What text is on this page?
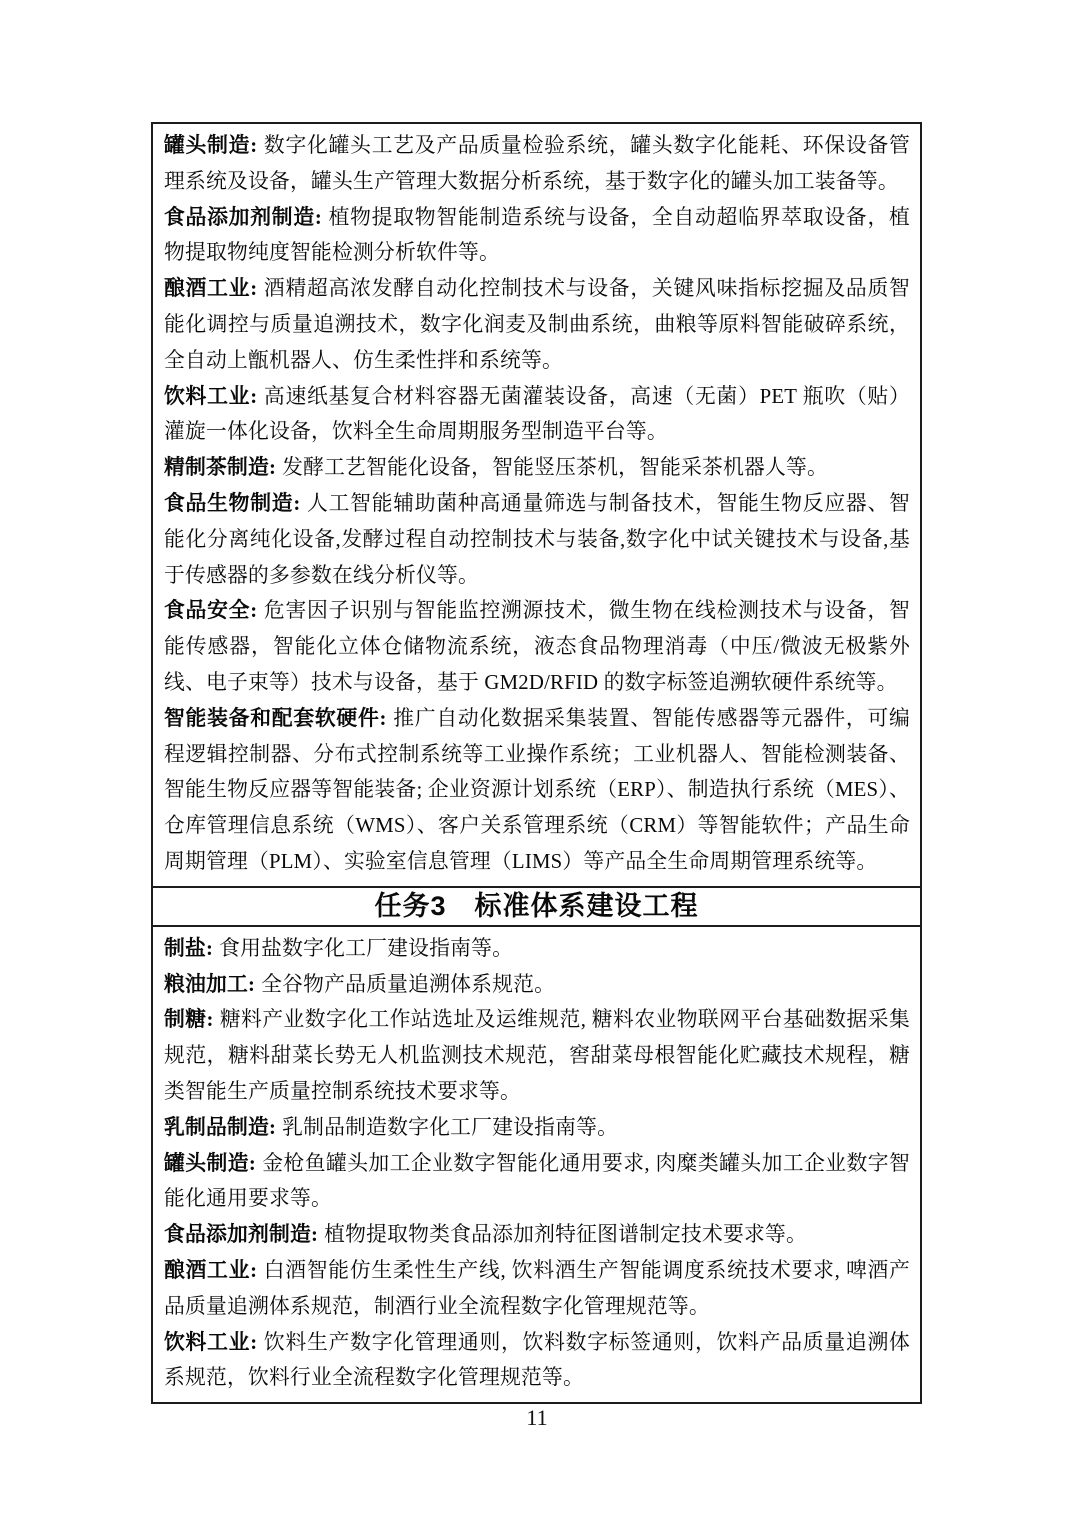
罐头制造: 数字化罐头工艺及产品质量检验系统，罐头数字化能耗、环保设备管理系统及设备，罐头生产管理大数据分析系统，基于数字化的罐头加工装备等。

食品添加剂制造: 植物提取物智能制造系统与设备，全自动超临界萃取设备，植物提取物纯度智能检测分析软件等。

酿酒工业: 酒精超高浓发酵自动化控制技术与设备，关键风味指标挖掘及品质智能化调控与质量追溯技术，数字化润麦及制曲系统，曲粮等原料智能破碎系统，全自动上甑机器人、仿生柔性拌和系统等。

饮料工业: 高速纸基复合材料容器无菌灌装设备，高速（无菌）PET 瓶吹（贴）灌旋一体化设备，饮料全生命周期服务型制造平台等。

精制茶制造: 发酵工艺智能化设备，智能竖压茶机，智能采茶机器人等。

食品生物制造: 人工智能辅助菌种高通量筛选与制备技术，智能生物反应器、智能化分离纯化设备,发酵过程自动控制技术与装备,数字化中试关键技术与设备,基于传感器的多参数在线分析仪等。

食品安全: 危害因子识别与智能监控溯源技术，微生物在线检测技术与设备，智能传感器，智能化立体仓储物流系统，液态食品物理消毒（中压/微波无极紫外线、电子束等）技术与设备，基于 GM2D/RFID 的数字标签追溯软硬件系统等。

智能装备和配套软硬件: 推广自动化数据采集装置、智能传感器等元器件，可编程逻辑控制器、分布式控制系统等工业操作系统；工业机器人、智能检测装备、智能生物反应器等智能装备; 企业资源计划系统（ERP）、制造执行系统（MES）、仓库管理信息系统（WMS）、客户关系管理系统（CRM）等智能软件；产品生命周期管理（PLM）、实验室信息管理（LIMS）等产品全生命周期管理系统等。

任务3　标准体系建设工程

制盐: 食用盐数字化工厂建设指南等。

粮油加工: 全谷物产品质量追溯体系规范。

制糖: 糖料产业数字化工作站选址及运维规范, 糖料农业物联网平台基础数据采集规范，糖料甜菜长势无人机监测技术规范，窖甜菜母根智能化贮藏技术规程，糖类智能生产质量控制系统技术要求等。

乳制品制造: 乳制品制造数字化工厂建设指南等。

罐头制造: 金枪鱼罐头加工企业数字智能化通用要求, 肉糜类罐头加工企业数字智能化通用要求等。

食品添加剂制造: 植物提取物类食品添加剂特征图谱制定技术要求等。

酿酒工业: 白酒智能仿生柔性生产线, 饮料酒生产智能调度系统技术要求, 啤酒产品质量追溯体系规范，制酒行业全流程数字化管理规范等。

饮料工业: 饮料生产数字化管理通则，饮料数字标签通则，饮料产品质量追溯体系规范，饮料行业全流程数字化管理规范等。

11
